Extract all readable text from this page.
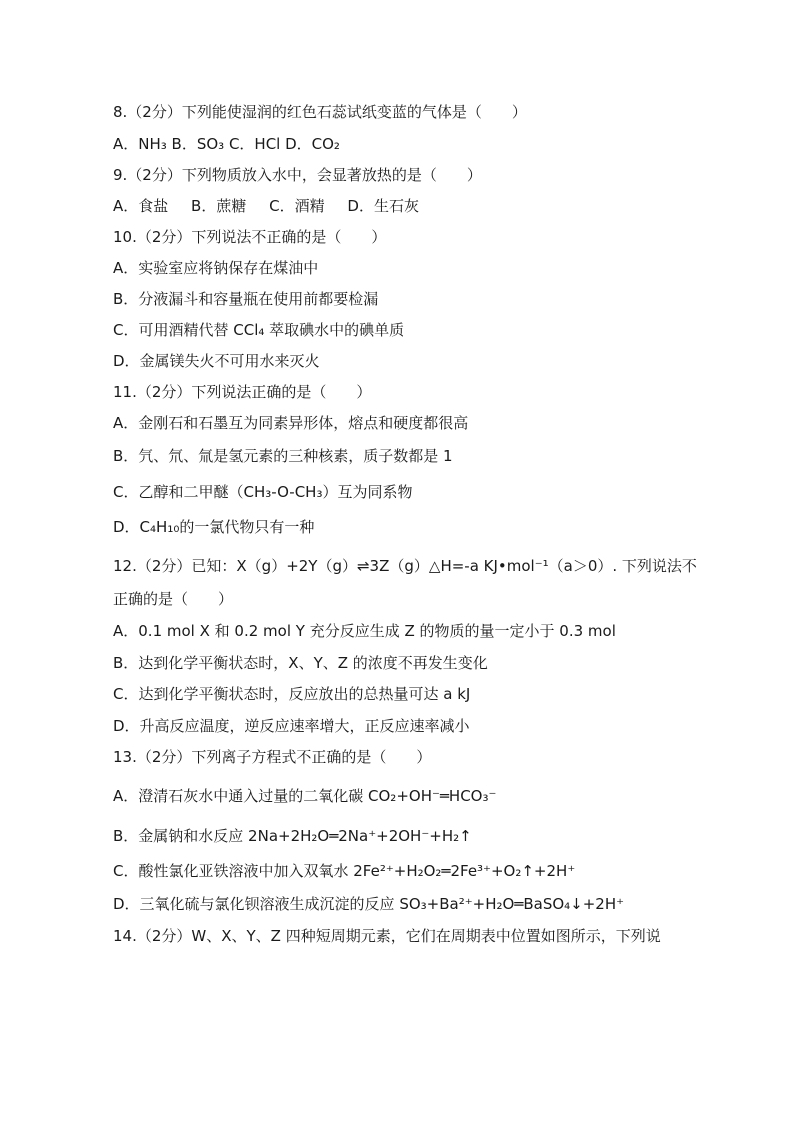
8.（2分）下列能使湿润的红色石蕊试纸变蓝的气体是（　　）
A．NH₃ B．SO₃ C．HCl D．CO₂
9.（2分）下列物质放入水中，会显著放热的是（　　）
A．食盐 B．蔗糖 C．酒精 D．生石灰
10.（2分）下列说法不正确的是（　　）
A．实验室应将钠保存在煤油中
B．分液漏斗和容量瓶在使用前都要检漏
C．可用酒精代替 CCl₄ 萃取碘水中的碘单质
D．金属镁失火不可用水来灭火
11.（2分）下列说法正确的是（　　）
A．金刚石和石墨互为同素异形体，熔点和硬度都很高
B．氕、氘、氚是氢元素的三种核素，质子数都是 1
C．乙醇和二甲醚（CH₃-O-CH₃）互为同系物
D．C₄H₁₀的一氯代物只有一种
12.（2分）已知：X（g）+2Y（g）⇌3Z（g）△H=-a KJ•mol⁻¹（a＞0）. 下列说法不
正确的是（　　）
A．0.1 mol X 和 0.2 mol Y 充分反应生成 Z 的物质的量一定小于 0.3 mol
B．达到化学平衡状态时，X、Y、Z 的浓度不再发生变化
C．达到化学平衡状态时，反应放出的总热量可达 a kJ
D．升高反应温度，逆反应速率增大，正反应速率减小
13.（2分）下列离子方程式不正确的是（　　）
A．澄清石灰水中通入过量的二氧化碳 CO₂+OH⁻═HCO₃⁻
B．金属钠和水反应 2Na+2H₂O═2Na⁺+2OH⁻+H₂↑
C．酸性氯化亚铁溶液中加入双氧水 2Fe²⁺+H₂O₂═2Fe³⁺+O₂↑+2H⁺
D．三氧化硫与氯化钡溶液生成沉淀的反应 SO₃+Ba²⁺+H₂O═BaSO₄↓+2H⁺
14.（2分）W、X、Y、Z 四种短周期元素，它们在周期表中位置如图所示，下列说
